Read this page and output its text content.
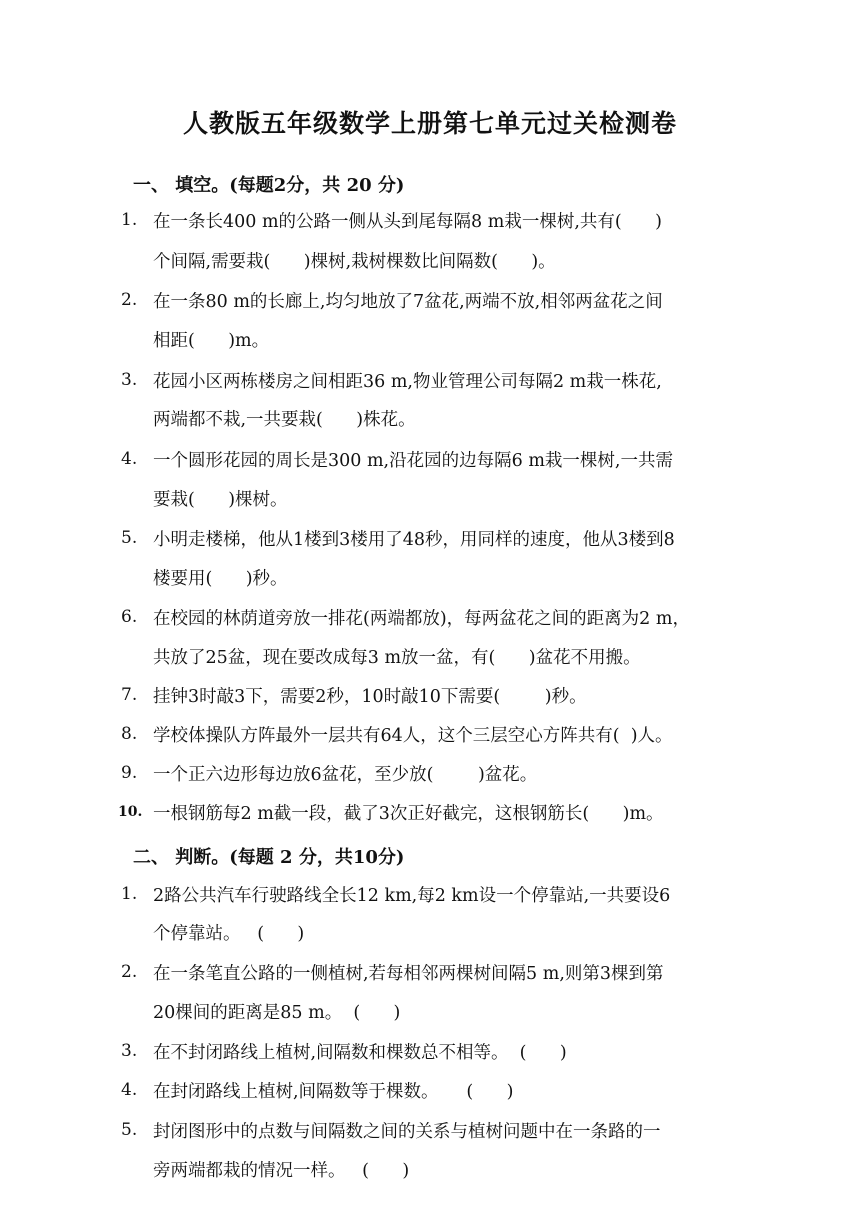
人教版五年级数学上册第七单元过关检测卷
一、 填空。(每题2分，共 20 分)
1. 在一条长400 m的公路一侧从头到尾每隔8 m栽一棵树,共有(      )
个间隔,需要栽(      )棵树,栽树棵数比间隔数(      )。
2. 在一条80 m的长廊上,均匀地放了7盆花,两端不放,相邻两盆花之间
相距(      )m。
3. 花园小区两栋楼房之间相距36 m,物业管理公司每隔2 m栽一株花,
两端都不栽,一共要栽(      )株花。
4. 一个圆形花园的周长是300 m,沿花园的边每隔6 m栽一棵树,一共需
要栽(      )棵树。
5. 小明走楼梯，他从1楼到3楼用了48秒，用同样的速度，他从3楼到8
楼要用(      )秒。
6. 在校园的林荫道旁放一排花(两端都放)，每两盆花之间的距离为2 m，
共放了25盆，现在要改成每3 m放一盆，有(      )盆花不用搬。
7. 挂钟3时敲3下，需要2秒，10时敲10下需要(        )秒。
8. 学校体操队方阵最外一层共有64人，这个三层空心方阵共有(  )人。
9. 一个正六边形每边放6盆花，至少放(        )盆花。
10. 一根钢筋每2 m截一段，截了3次正好截完，这根钢筋长(      )m。
二、 判断。(每题 2 分，共10分)
1. 2路公共汽车行驶路线全长12 km,每2 km设一个停靠站,一共要设6
个停靠站。   (      )
2. 在一条笔直公路的一侧植树,若每相邻两棵树间隔5 m,则第3棵到第
20棵间的距离是85 m。  (      )
3. 在不封闭路线上植树,间隔数和棵数总不相等。  (      )
4. 在封闭路线上植树,间隔数等于棵数。     (      )
5. 封闭图形中的点数与间隔数之间的关系与植树问题中在一条路的一
旁两端都栽的情况一样。   (      )
